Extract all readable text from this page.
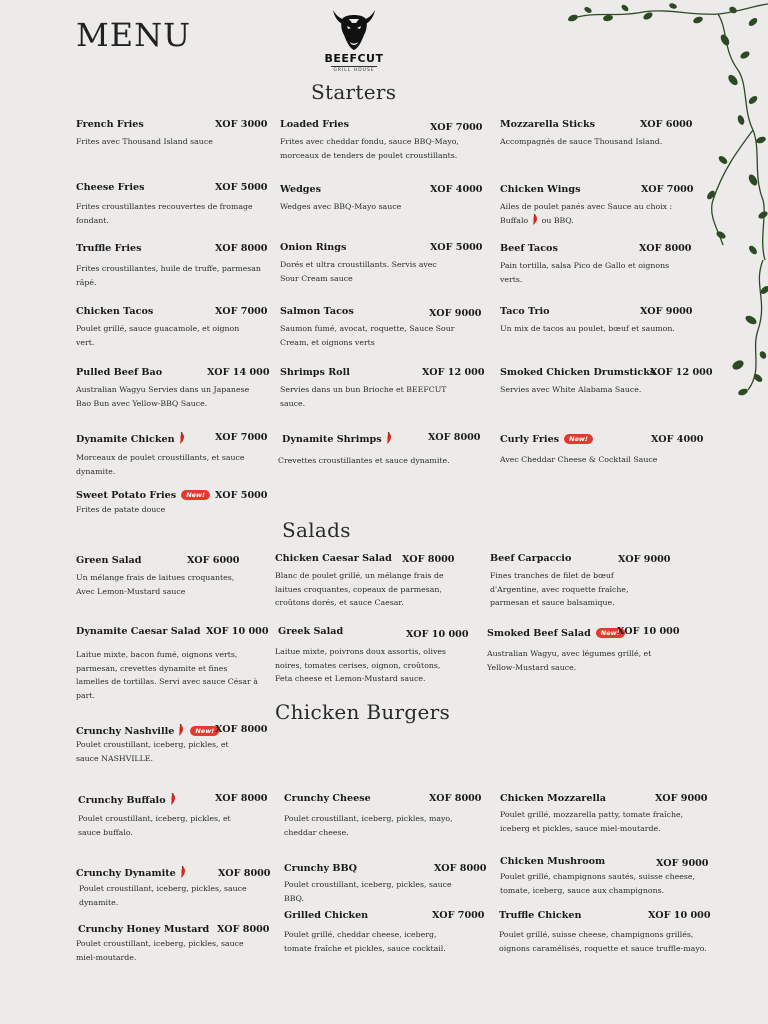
MENU
BEEFCUT
GRILL HOUSE
Starters
Salads
Chicken Burgers
French Fries	XOF 3000
Frites avec Thousand Island sauce
Loaded Fries	XOF 7000
Frites avec cheddar fondu, sauce BBQ-Mayo, morceaux de tenders de poulet croustillants.
Mozzarella Sticks	XOF 6000
Accompagnés de sauce Thousand Island.
Cheese Fries	XOF 5000
Frites croustillantes recouvertes de fromage fondant.
Wedges	XOF 4000
Wedges avec BBQ-Mayo sauce
Chicken Wings	XOF 7000
Ailes de poulet panés avec Sauce au choix : Buffalo ou BBQ.
Truffle Fries	XOF 8000
Frites croustillantes, huile de truffe, parmesan râpé.
Onion Rings	XOF 5000
Dorés et ultra croustillants. Servis avec Sour Cream sauce
Beef Tacos	XOF 8000
Pain tortilla, salsa Pico de Gallo et oignons verts.
Chicken Tacos	XOF 7000
Poulet grillé, sauce guacamole, et oignon vert.
Salmon Tacos	XOF 9000
Saumon fumé, avocat, roquette, Sauce Sour Cream, et oignons verts
Taco Trio	XOF 9000
Un mix de tacos au poulet, bœuf et saumon.
Pulled Beef Bao	XOF 14 000
Australian Wagyu Servies dans un Japanese Bao Bun avec Yellow-BBQ Sauce.
Shrimps Roll	XOF 12 000
Servies dans un bun Brioche et BEEFCUT sauce.
Smoked Chicken Drumsticks
XOF 12 000
Servies avec White Alabama Sauce.
Dynamite Chicken	XOF 7000
Morceaux de poulet croustillants, et sauce dynamite.
Dynamite Shrimps	XOF 8000
Crevettes croustillantes et sauce dynamite.
Curly Fries New!	XOF 4000
Avec Cheddar Cheese & Cocktail Sauce
Sweet Potato Fries New!	XOF 5000
Frites de patate douce
Green Salad	XOF 6000
Un mélange frais de laitues croquantes, Avec Lemon-Mustard sauce
Chicken Caesar Salad XOF 8000
Blanc de poulet grillé, un mélange frais de laitues croquantes, copeaux de parmesan, croûtons dorés, et sauce Caesar.
Beef Carpaccio	XOF 9000
Fines tranches de filet de bœuf d'Argentine, avec roquette fraîche, parmesan et sauce balsamique.
Dynamite Caesar Salad XOF 10 000
Laitue mixte, bacon fumé, oignons verts, parmesan, crevettes dynamite et fines lamelles de tortillas. Servi avec sauce César à part.
Greek Salad	XOF 10 000
Laitue mixte, poivrons doux assortis, olives noires, tomates cerises, oignon, croûtons, Feta cheese et Lemon-Mustard sauce.
Smoked Beef Salad New!
XOF 10 000
Australian Wagyu, avec légumes grillé, et Yellow-Mustard sauce.
Crunchy Nashville	New! XOF 8000
Poulet croustillant, iceberg, pickles, et sauce NASHVILLE.
Crunchy Buffalo	XOF 8000
Poulet croustillant, iceberg, pickles, et sauce buffalo.
Crunchy Cheese	XOF 8000
Poulet croustillant, iceberg, pickles, mayo, cheddar cheese.
Chicken Mozzarella	XOF 9000
Poulet grillé, mozzarella patty, tomate fraîche, iceberg et pickles, sauce miel-moutarde.
Crunchy Dynamite	XOF 8000
Poulet croustillant, iceberg, pickles, sauce dynamite.
Crunchy BBQ	XOF 8000
Poulet croustillant, iceberg, pickles, sauce BBQ.
Chicken Mushroom	XOF 9000
Poulet grillé, champignons sautés, suisse cheese, tomate, iceberg, sauce aux champignons.
Grilled Chicken	XOF 7000
Poulet grillé, cheddar cheese, iceberg, tomate fraîche et pickles, sauce cocktail.
Truffle Chicken	XOF 10 000
Poulet grillé, suisse cheese, champignons grillés, oignons caramélisés, roquette et sauce truffle-mayo.
Crunchy Honey Mustard XOF 8000
Poulet croustillant, iceberg, pickles, sauce miel-moutarde.
